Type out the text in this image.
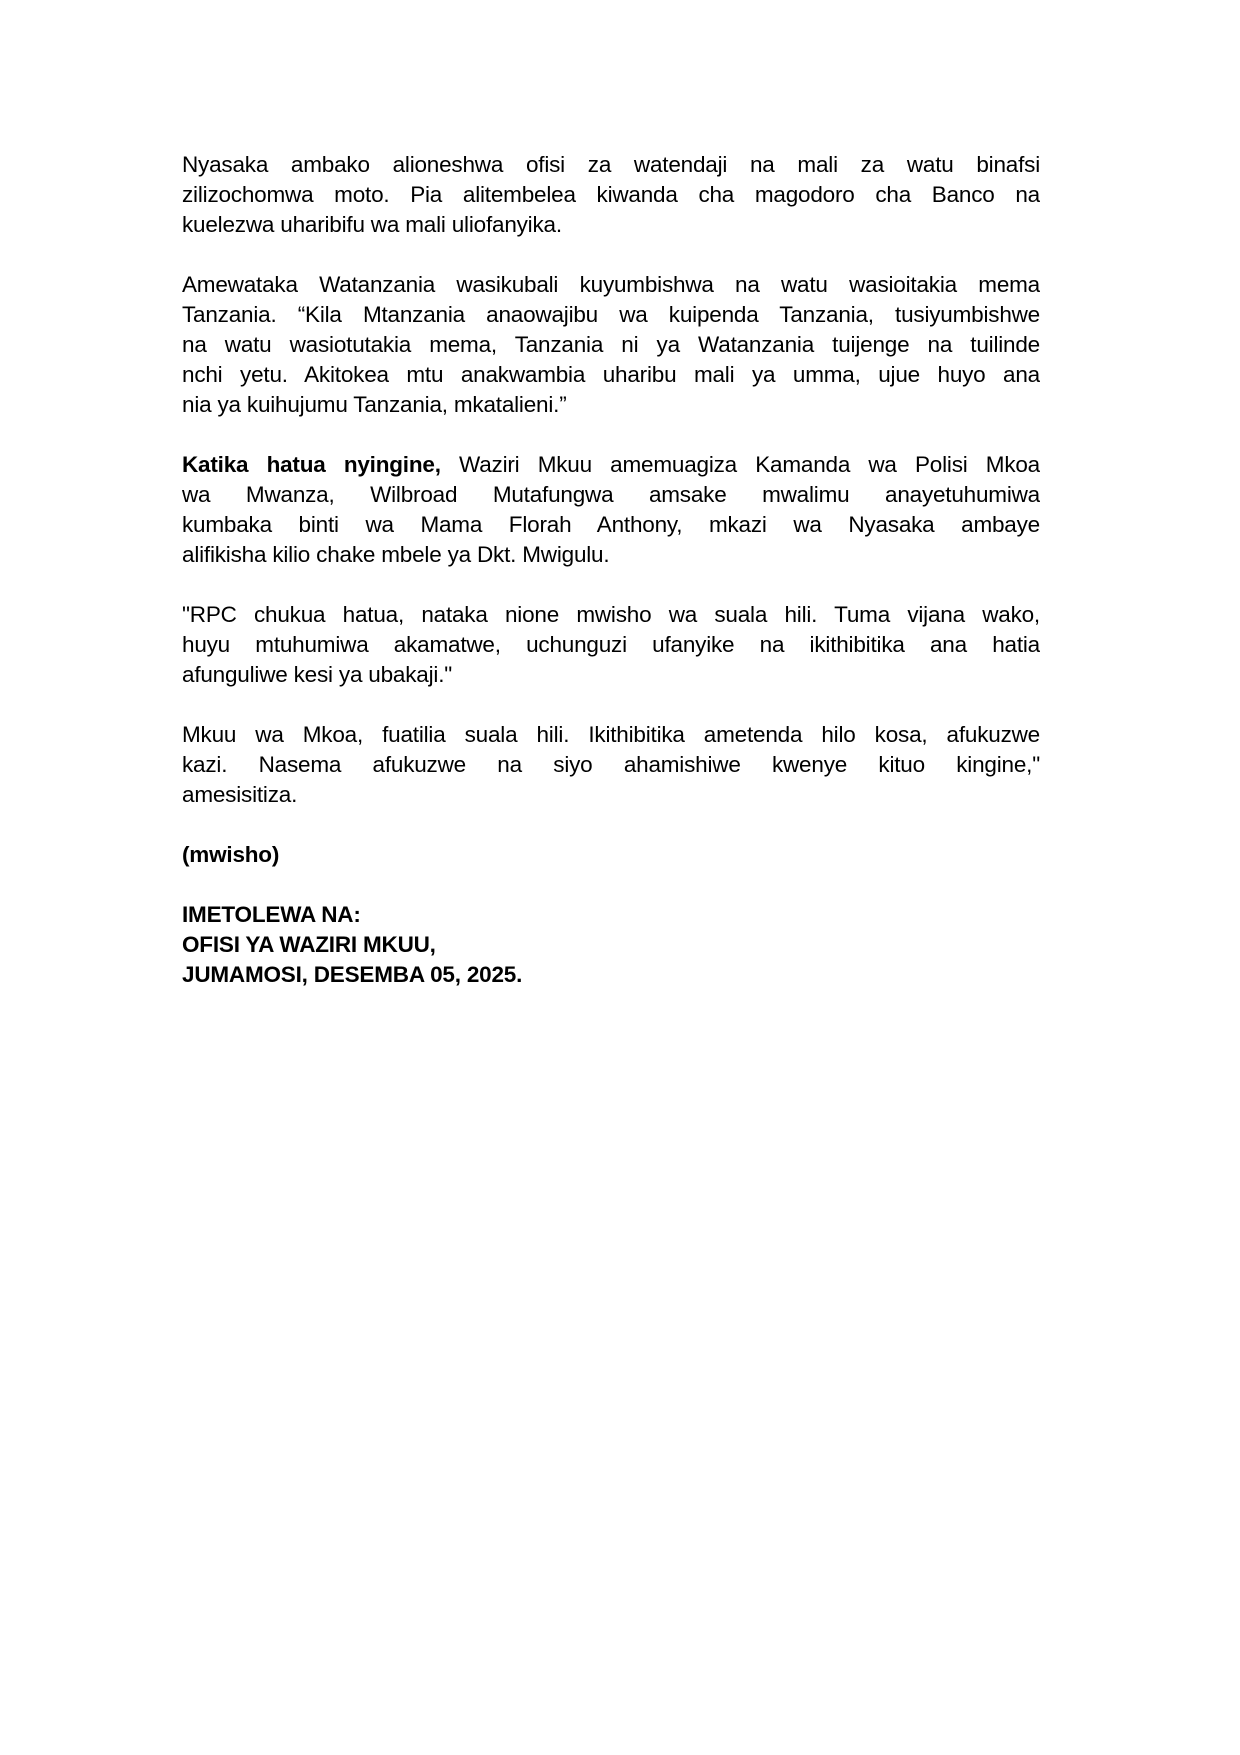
Nyasaka ambako alioneshwa ofisi za watendaji na mali za watu binafsi
zilizochomwa moto. Pia alitembelea kiwanda cha magodoro cha Banco na
kuelezwa uharibifu wa mali uliofanyika.
Amewataka Watanzania wasikubali kuyumbishwa na watu wasioitakia mema
Tanzania. “Kila Mtanzania anaowajibu wa kuipenda Tanzania, tusiyumbishwe
na watu wasiotutakia mema, Tanzania ni ya Watanzania tuijenge na tuilinde
nchi yetu. Akitokea mtu anakwambia uharibu mali ya umma, ujue huyo ana
nia ya kuihujumu Tanzania, mkatalieni.”
Katika hatua nyingine, Waziri Mkuu amemuagiza Kamanda wa Polisi Mkoa
wa Mwanza, Wilbroad Mutafungwa amsake mwalimu anayetuhumiwa
kumbaka binti wa Mama Florah Anthony, mkazi wa Nyasaka ambaye
alifikisha kilio chake mbele ya Dkt. Mwigulu.
"RPC chukua hatua, nataka nione mwisho wa suala hili. Tuma vijana wako,
huyu mtuhumiwa akamatwe, uchunguzi ufanyike na ikithibitika ana hatia
afunguliwe kesi ya ubakaji."
Mkuu wa Mkoa, fuatilia suala hili. Ikithibitika ametenda hilo kosa, afukuzwe
kazi. Nasema afukuzwe na siyo ahamishiwe kwenye kituo kingine,"
amesisitiza.
(mwisho)
IMETOLEWA NA:
OFISI YA WAZIRI MKUU,
JUMAMOSI, DESEMBA 05, 2025.
